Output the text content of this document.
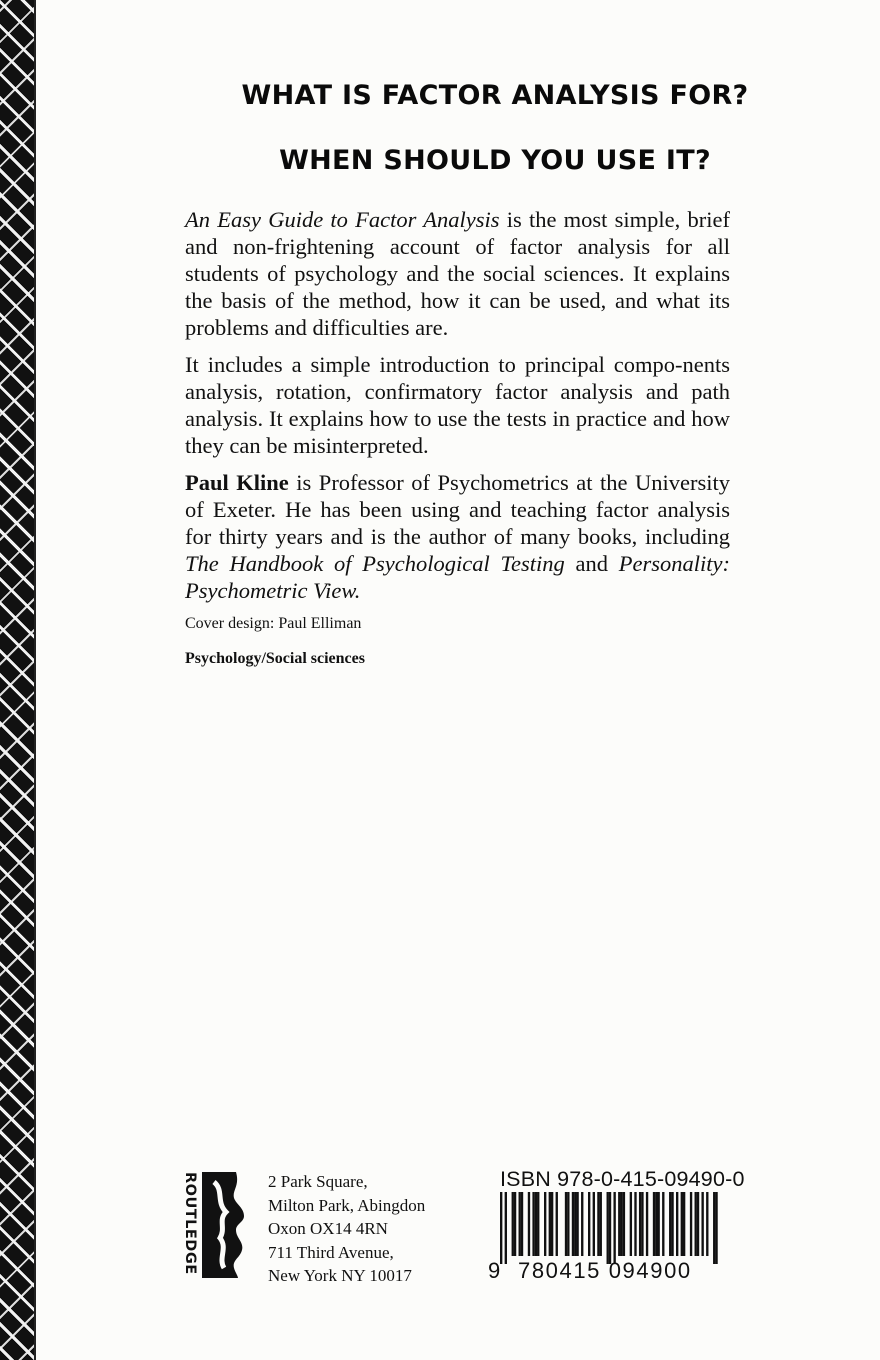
WHAT IS FACTOR ANALYSIS FOR?
WHEN SHOULD YOU USE IT?

An Easy Guide to Factor Analysis is the most simple, brief and non-frightening account of factor analysis for all students of psychology and the social sciences. It explains the basis of the method, how it can be used, and what its problems and difficulties are.

It includes a simple introduction to principal compo-nents analysis, rotation, confirmatory factor analysis and path analysis. It explains how to use the tests in practice and how they can be misinterpreted.

Paul Kline is Professor of Psychometrics at the University of Exeter. He has been using and teaching factor analysis for thirty years and is the author of many books, including The Handbook of Psychological Testing and Personality: Psychometric View.

Cover design: Paul Elliman
Psychology/Social sciences
ROUTLEDGE	2 Park Square,
Milton Park, Abingdon
Oxon OX14 4RN
711 Third Avenue,
New York NY 10017
ISBN 978-0-415-09490-0
9 780415 094900
